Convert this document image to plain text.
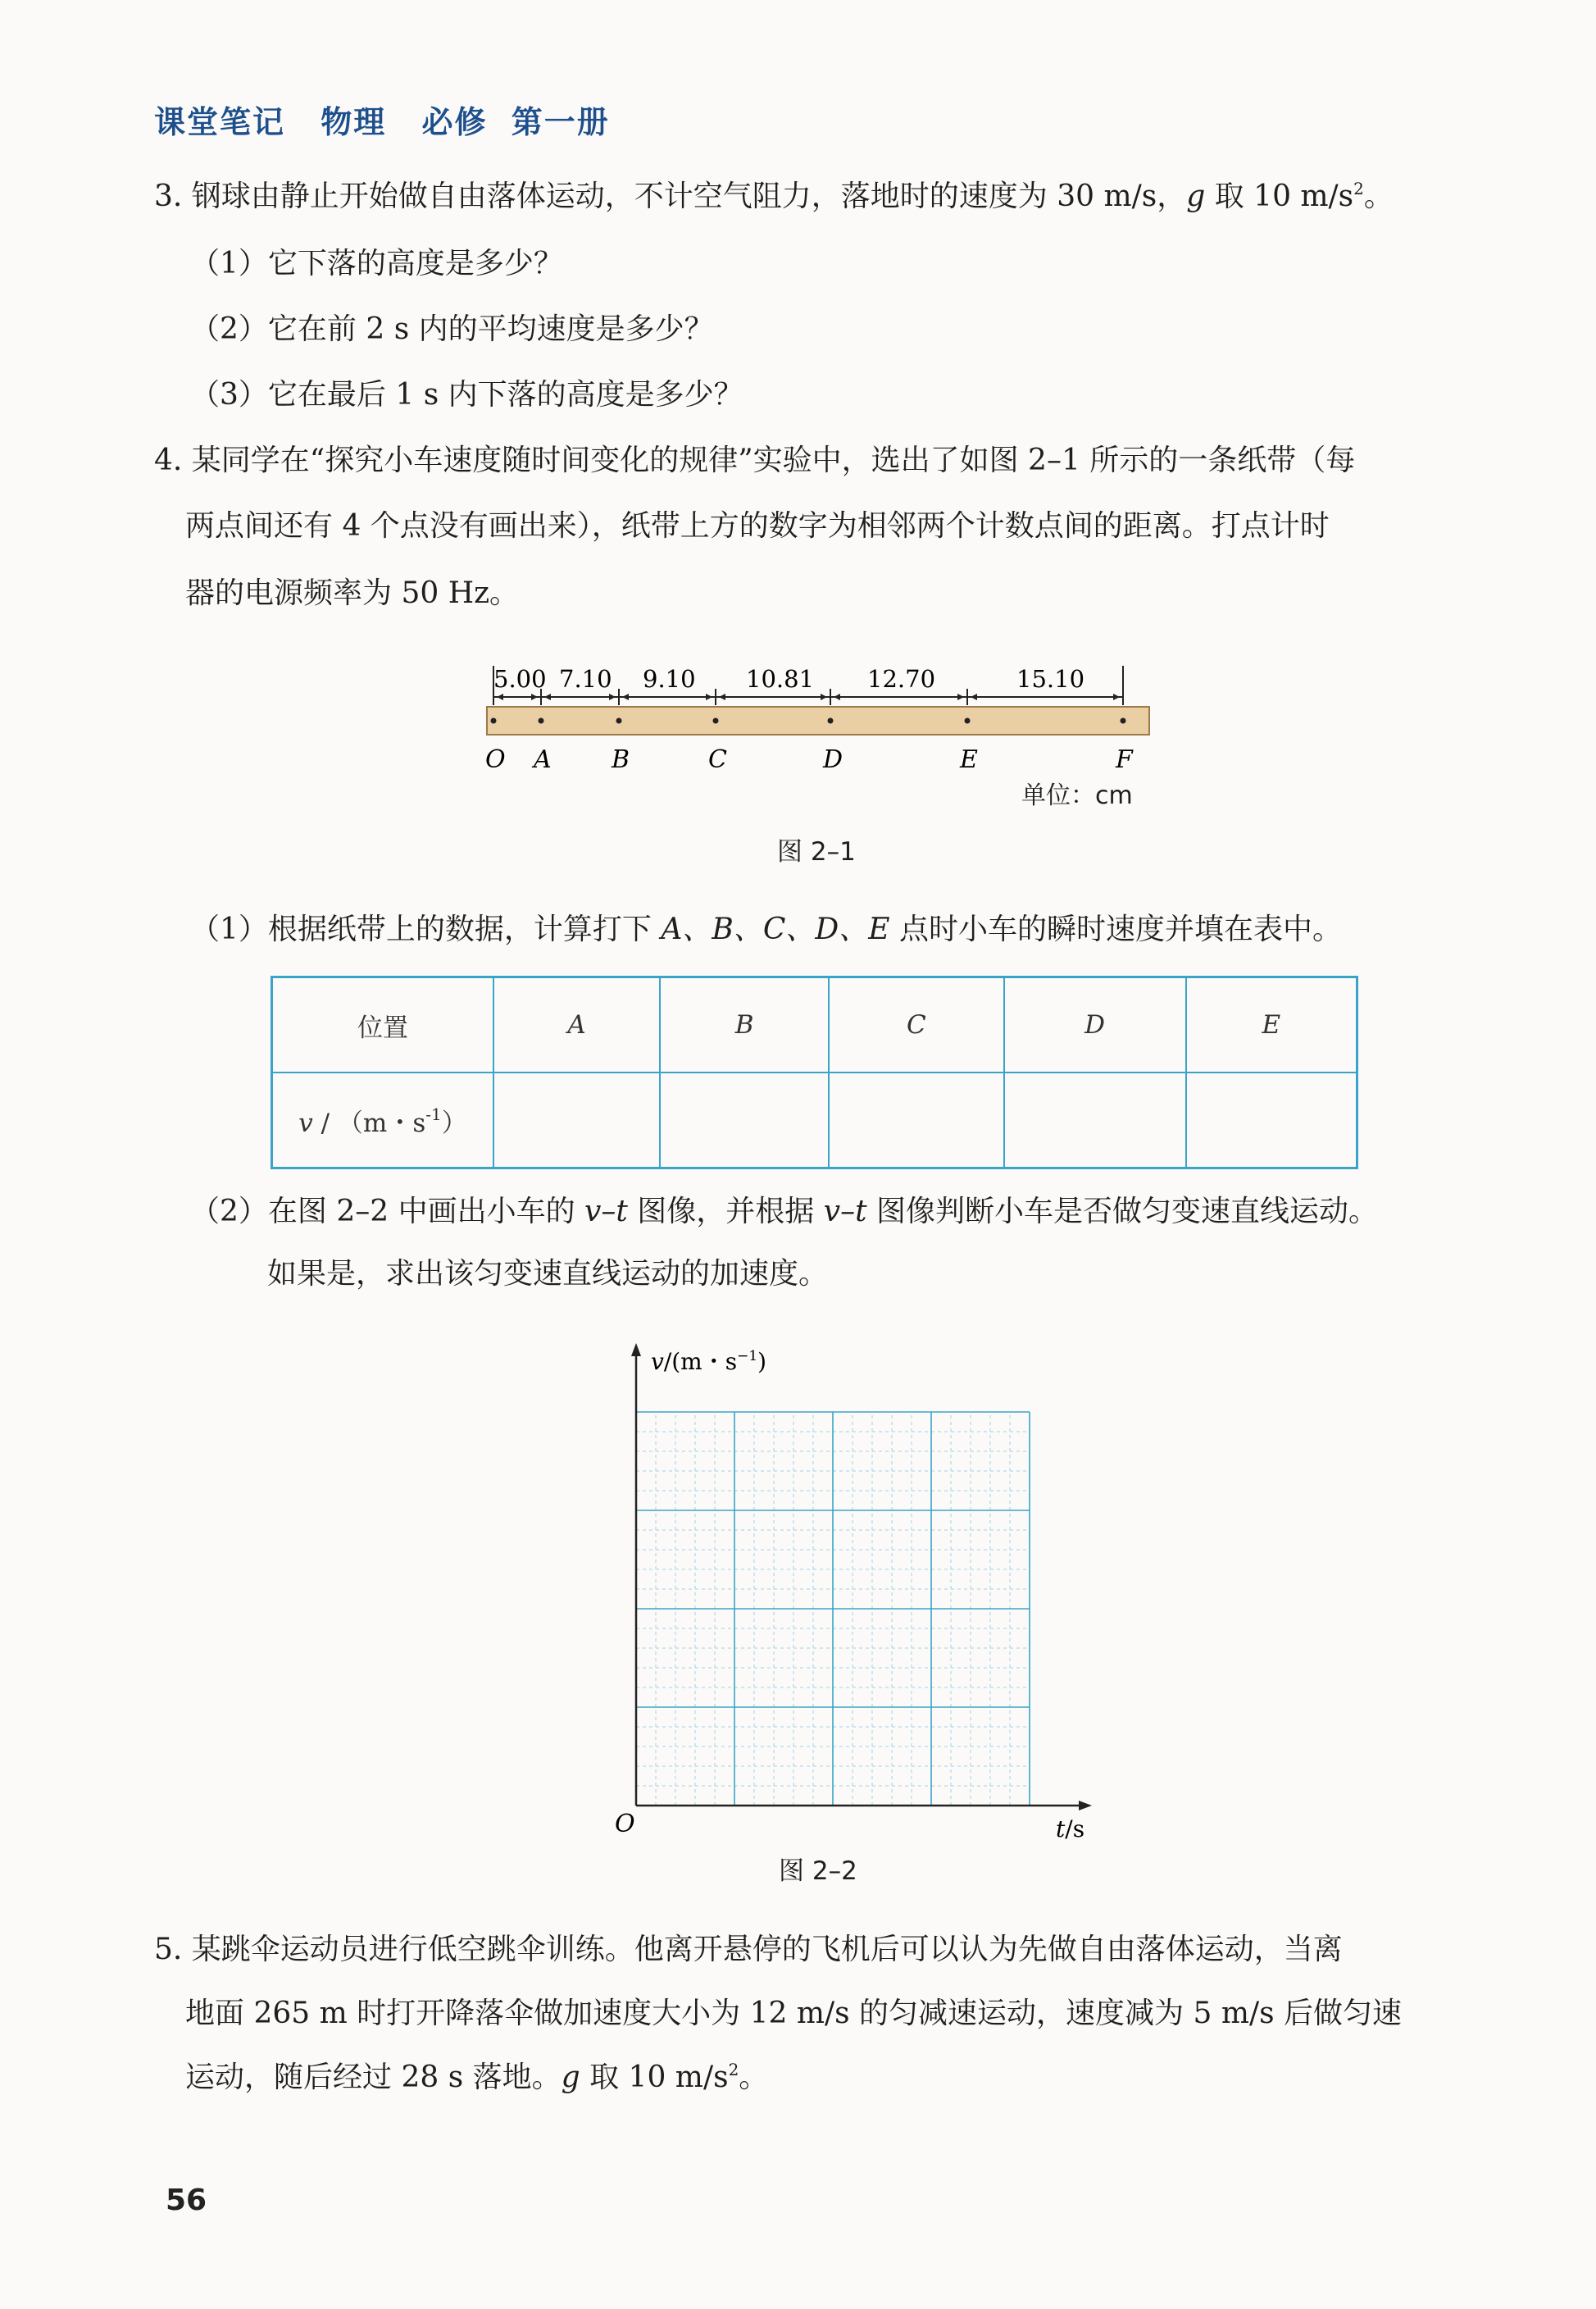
课堂笔记 物理 必修 第一册
3. 钢球由静止开始做自由落体运动，不计空气阻力，落地时的速度为 30 m/s，g 取 10 $m/s^2$。
（1）它下落的高度是多少？
（2）它在前 2 s 内的平均速度是多少？
（3）它在最后 1 s 内下落的高度是多少？
4. 某同学在“探究小车速度随时间变化的规律”实验中，选出了如图 2–1 所示的一条纸带（每
两点间还有 4 个点没有画出来），纸带上方的数字为相邻两个计数点间的距离。打点计时
器的电源频率为 50 Hz。
5.00 7.10 9.10 10.81 12.70	15.10
O A B	C	D	E	F
单位：cm
图 2–1
（1）根据纸带上的数据，计算打下 A、B、C、D、E 点时小车的瞬时速度并填在表中。
位置	A	B	C	D	E
v / （m・$s^{-1}$）					
（2）在图 2–2 中画出小车的 v–t 图像，并根据 v–t 图像判断小车是否做匀变速直线运动。
如果是，求出该匀变速直线运动的加速度。
v/(m・$s^{-1}$)
O	t/s
图 2–2
5. 某跳伞运动员进行低空跳伞训练。他离开悬停的飞机后可以认为先做自由落体运动，当离
地面 265 m 时打开降落伞做加速度大小为 12 m/s 的匀减速运动，速度减为 5 m/s 后做匀速
运动，随后经过 28 s 落地。g 取 10 $m/s^2$。
56
